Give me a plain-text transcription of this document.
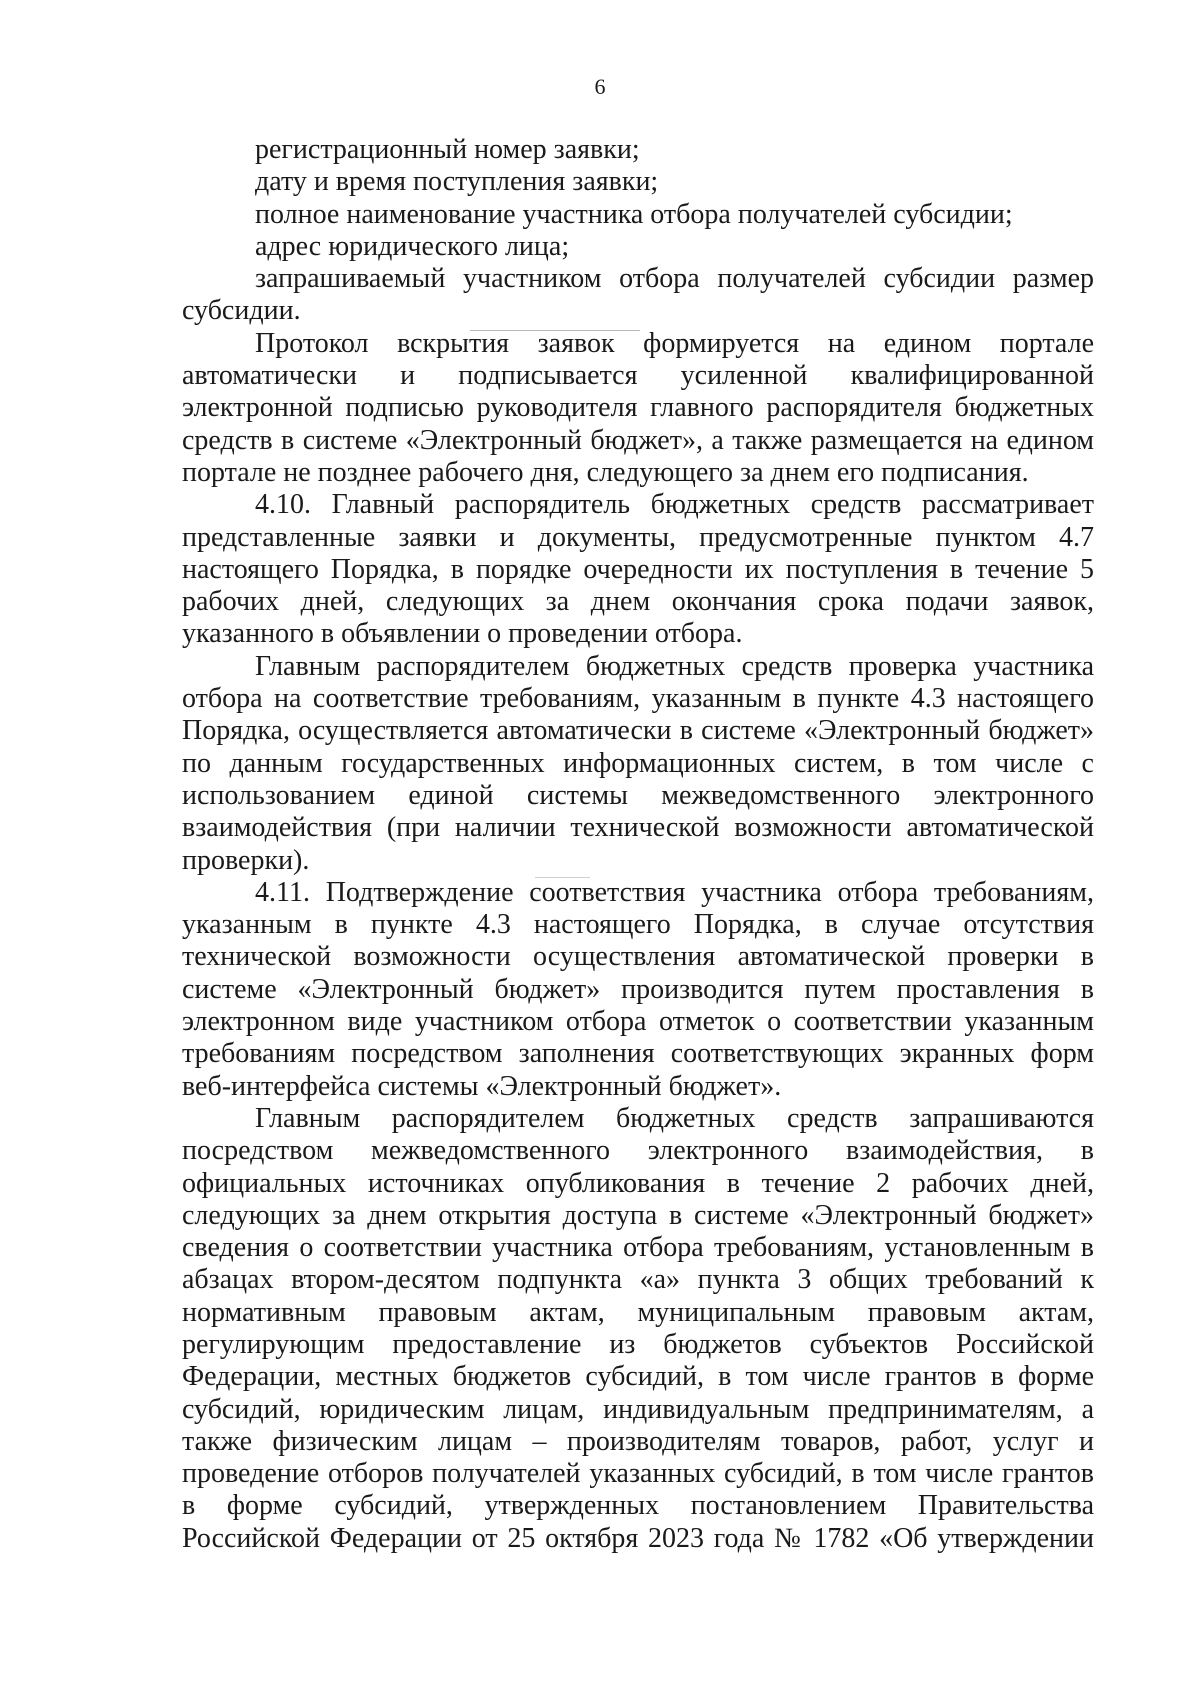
6

регистрационный номер заявки;

дату и время поступления заявки;

полное наименование участника отбора получателей субсидии;

адрес юридического лица;

запрашиваемый участником отбора получателей субсидии размер субсидии.

Протокол вскрытия заявок формируется на едином портале автоматически и подписывается усиленной квалифицированной электронной подписью руководителя главного распорядителя бюджетных средств в системе «Электронный бюджет», а также размещается на едином портале не позднее рабочего дня, следующего за днем его подписания.

4.10. Главный распорядитель бюджетных средств рассматривает представленные заявки и документы, предусмотренные пунктом 4.7 настоящего Порядка, в порядке очередности их поступления в течение 5 рабочих дней, следующих за днем окончания срока подачи заявок, указанного в объявлении о проведении отбора.

Главным распорядителем бюджетных средств проверка участника отбора на соответствие требованиям, указанным в пункте 4.3 настоящего Порядка, осуществляется автоматически в системе «Электронный бюджет» по данным государственных информационных систем, в том числе с использованием единой системы межведомственного электронного взаимодействия (при наличии технической возможности автоматической проверки).

4.11. Подтверждение соответствия участника отбора требованиям, указанным в пункте 4.3 настоящего Порядка, в случае отсутствия технической возможности осуществления автоматической проверки в системе «Электронный бюджет» производится путем проставления в электронном виде участником отбора отметок о соответствии указанным требованиям посредством заполнения соответствующих экранных форм веб-интерфейса системы «Электронный бюджет».

Главным распорядителем бюджетных средств запрашиваются посредством межведомственного электронного взаимодействия, в официальных источниках опубликования в течение 2 рабочих дней, следующих за днем открытия доступа в системе «Электронный бюджет» сведения о соответствии участника отбора требованиям, установленным в абзацах втором-десятом подпункта «а» пункта 3 общих требований к нормативным правовым актам, муниципальным правовым актам, регулирующим предоставление из бюджетов субъектов Российской Федерации, местных бюджетов субсидий, в том числе грантов в форме субсидий, юридическим лицам, индивидуальным предпринимателям, а также физическим лицам – производителям товаров, работ, услуг и проведение отборов получателей указанных субсидий, в том числе грантов в форме субсидий, утвержденных постановлением Правительства Российской Федерации от 25 октября 2023 года № 1782 «Об утверждении
